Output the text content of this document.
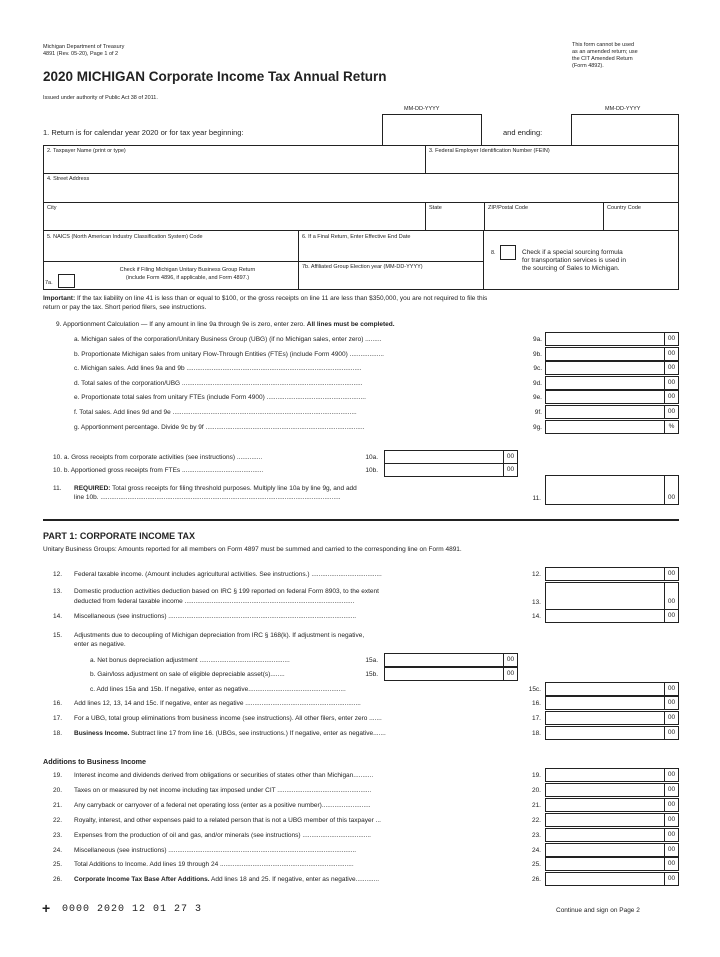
Michigan Department of Treasury
4891 (Rev. 05-20), Page 1 of 2
2020 MICHIGAN Corporate Income Tax Annual Return
Issued under authority of Public Act 38 of 2011.
This form cannot be used
as an amended return; use
the CIT Amended Return
(Form 4892).
MM-DD-YYYY	MM-DD-YYYY
1. Return is for calendar year 2020 or for tax year beginning:	and ending:
2. Taxpayer Name (print or type)	3. Federal Employer Identification Number (FEIN)
4. Street Address
City	State	ZIP/Postal Code	Country Code
5. NAICS (North American Industry Classification System) Code	6. If a Final Return, Enter Effective End Date
8.	Check if a special sourcing formula
for transportation services is used in
the sourcing of Sales to Michigan.
7a.
Check if Filing Michigan Unitary Business Group Return
(include Form 4896, if applicable, and Form 4897.)
7b. Affiliated Group Election year (MM-DD-YYYY)
Important: If the tax liability on line 41 is less than or equal to $100, or the gross receipts on line 11 are less than $350,000, you are not required to file this
return or pay the tax. Short period filers, see instructions.
9. Apportionment Calculation — If any amount in line 9a through 9e is zero, enter zero. All lines must be completed.
a. Michigan sales of the corporation/Unitary Business Group (UBG) (if no Michigan sales, enter zero) .........	9a.	00
b. Proportionate Michigan sales from unitary Flow-Through Entities (FTEs) (include Form 4900) ...................	9b.	00
c. Michigan sales. Add lines 9a and 9b .................................................................................................	9c.	00
d. Total sales of the corporation/UBG ....................................................................................................	9d.	00
e. Proportionate total sales from unitary FTEs (include Form 4900) .......................................................	9e.	00
f. Total sales. Add lines 9d and 9e ......................................................................................................	9f.	00
g. Apportionment percentage. Divide 9c by 9f ........................................................................................	9g.	%
10. a. Gross receipts from corporate activities (see instructions) ..............	10a.	00
10. b. Apportioned gross receipts from FTEs .............................................	10b.	00
11. REQUIRED: Total gross receipts for filing threshold purposes. Multiply line 10a by line 9g, and add
line 10b. .....................................................................................................................................	11.	00
PART 1: CORPORATE INCOME TAX
Unitary Business Groups: Amounts reported for all members on Form 4897 must be summed and carried to the corresponding line on Form 4891.
12. Federal taxable income. (Amount includes agricultural activities. See instructions.) .......................................	12.	00
13. Domestic production activities deduction based on IRC § 199 reported on federal Form 8903, to the extent
deducted from federal taxable income ..............................................................................................	13.	00
14. Miscellaneous (see instructions) ........................................................................................................	14.	00
15. Adjustments due to decoupling of Michigan depreciation from IRC § 168(k). If adjustment is negative,
enter as negative.
a. Net bonus depreciation adjustment ..................................................	15a.	00
b. Gain/loss adjustment on sale of eligible depreciable asset(s)........	15b.	00
c. Add lines 15a and 15b. If negative, enter as negative......................................................	15c.	00
16. Add lines 12, 13, 14 and 15c. If negative, enter as negative ................................................................	16.	00
17. For a UBG, total group eliminations from business income (see instructions). All other filers, enter zero .......	17.	00
18. Business Income. Subtract line 17 from line 16. (UBGs, see instructions.) If negative, enter as negative.......	18.	00
Additions to Business Income
19. Interest income and dividends derived from obligations or securities of states other than Michigan...........	19.	00
20. Taxes on or measured by net income including tax imposed under CIT ....................................................	20.	00
21. Any carryback or carryover of a federal net operating loss (enter as a positive number)...........................	21.	00
22. Royalty, interest, and other expenses paid to a related person that is not a UBG member of this taxpayer ...	22.	00
23. Expenses from the production of oil and gas, and/or minerals (see instructions) ......................................	23.	00
24. Miscellaneous (see instructions) ........................................................................................................	24.	00
25. Total Additions to Income. Add lines 19 through 24 ..........................................................................	25.	00
26. Corporate Income Tax Base After Additions. Add lines 18 and 25. If negative, enter as negative.............	26.	00
+ 0000 2020 12 01 27 3	Continue and sign on Page 2
